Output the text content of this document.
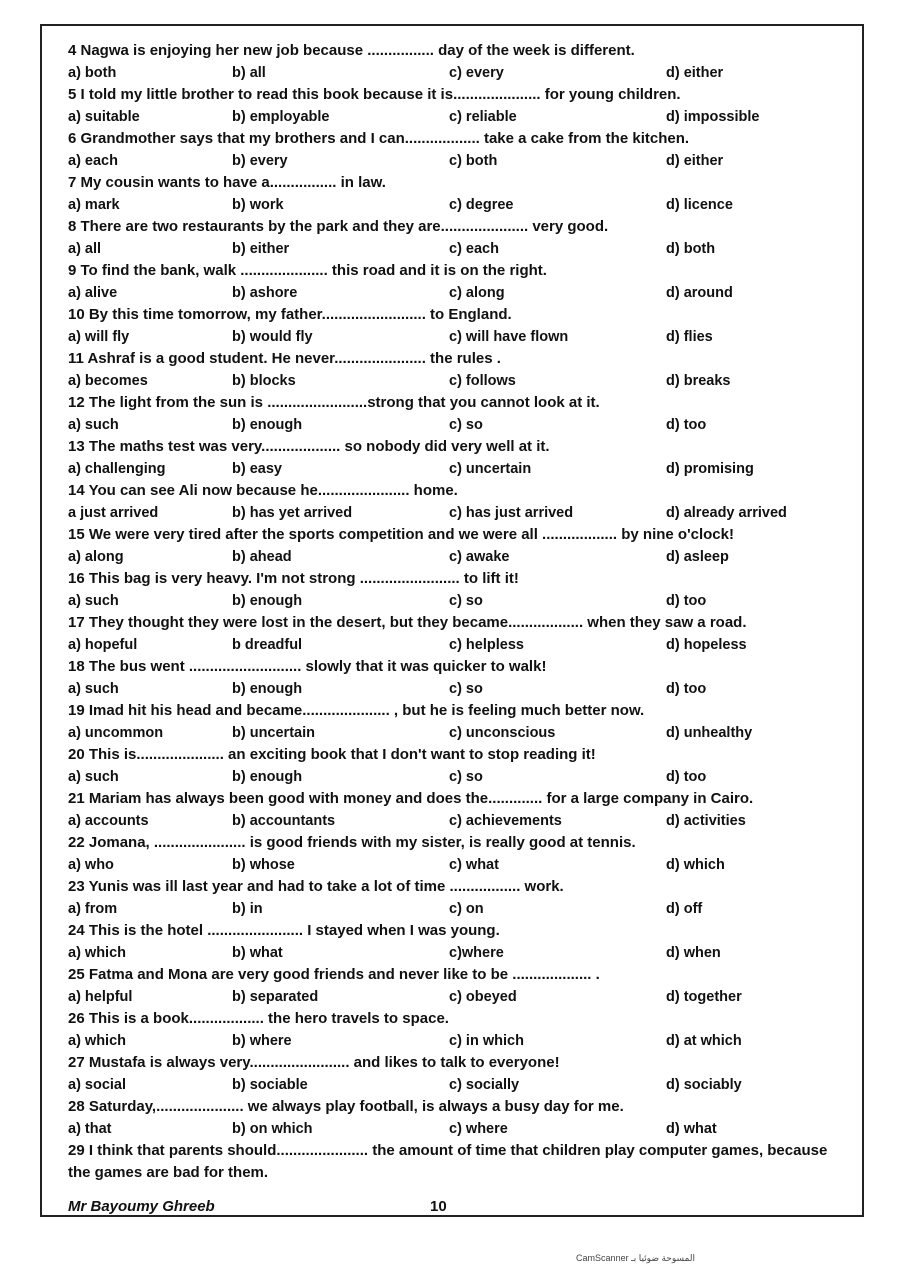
4 Nagwa is enjoying her new job because ................ day of the week is different.
a) both	b) all	c) every	d) either
5 I told my little brother to read this book because it is..................... for young children.
a) suitable	b) employable	c) reliable	d) impossible
6 Grandmother says that my brothers and I can.................. take a cake from the kitchen.
a) each	b) every	c) both	d) either
7 My cousin wants to have a................ in law.
a) mark	b) work	c) degree	d) licence
8 There are two restaurants by the park and they are..................... very good.
a) all	b) either	c) each	d) both
9 To find the bank, walk ..................... this road and it is on the right.
a) alive	b) ashore	c) along	d) around
10 By this time tomorrow, my father......................... to England.
a) will fly	b) would fly	c) will have flown	d) flies
11 Ashraf is a good student. He never...................... the rules .
a) becomes	b) blocks	c) follows	d) breaks
12 The light from the sun is ........................strong that you cannot look at it.
a) such	b) enough	c) so	d) too
13 The maths test was very................... so nobody did very well at it.
a) challenging	b) easy	c) uncertain	d) promising
14 You can see Ali now because he...................... home.
a just arrived	b) has yet arrived	c) has just arrived	d) already arrived
15 We were very tired after the sports competition and we were all .................. by nine o'clock!
a) along	b) ahead	c) awake	d) asleep
16 This bag is very heavy. I'm not strong ........................ to lift it!
a) such	b) enough	c) so	d) too
17 They thought they were lost in the desert, but they became.................. when they saw a road.
a) hopeful	b dreadful	c) helpless	d) hopeless
18 The bus went ........................... slowly that it was quicker to walk!
a) such	b) enough	c) so	d) too
19 Imad hit his head and became..................... , but he is feeling much better now.
a) uncommon	b) uncertain	c) unconscious	d) unhealthy
20 This is..................... an exciting book that I don't want to stop reading it!
a) such	b) enough	c) so	d) too
21 Mariam has always been good with money and does the............. for a large company in Cairo.
a) accounts	b) accountants	c) achievements	d) activities
22 Jomana, ...................... is good friends with my sister, is really good at tennis.
a) who	b) whose	c) what	d) which
23 Yunis was ill last year and had to take a lot of time ................. work.
a) from	b) in	c) on	d) off
24 This is the hotel ....................... I stayed when I was young.
a) which	b) what	c)where	d) when
25 Fatma and Mona are very good friends and never like to be ................... .
a) helpful	b) separated	c) obeyed	d) together
26 This is a book.................. the hero travels to space.
a) which	b) where	c) in which	d) at which
27 Mustafa is always very........................ and likes to talk to everyone!
a) social	b) sociable	c) socially	d) sociably
28 Saturday,..................... we always play football, is always a busy day for me.
a) that	b) on which	c) where	d) what
29 I think that parents should...................... the amount of time that children play computer games, because the games are bad for them.
Mr Bayoumy Ghreeb	10
CamScanner المسوحة ضوئيا بـ
